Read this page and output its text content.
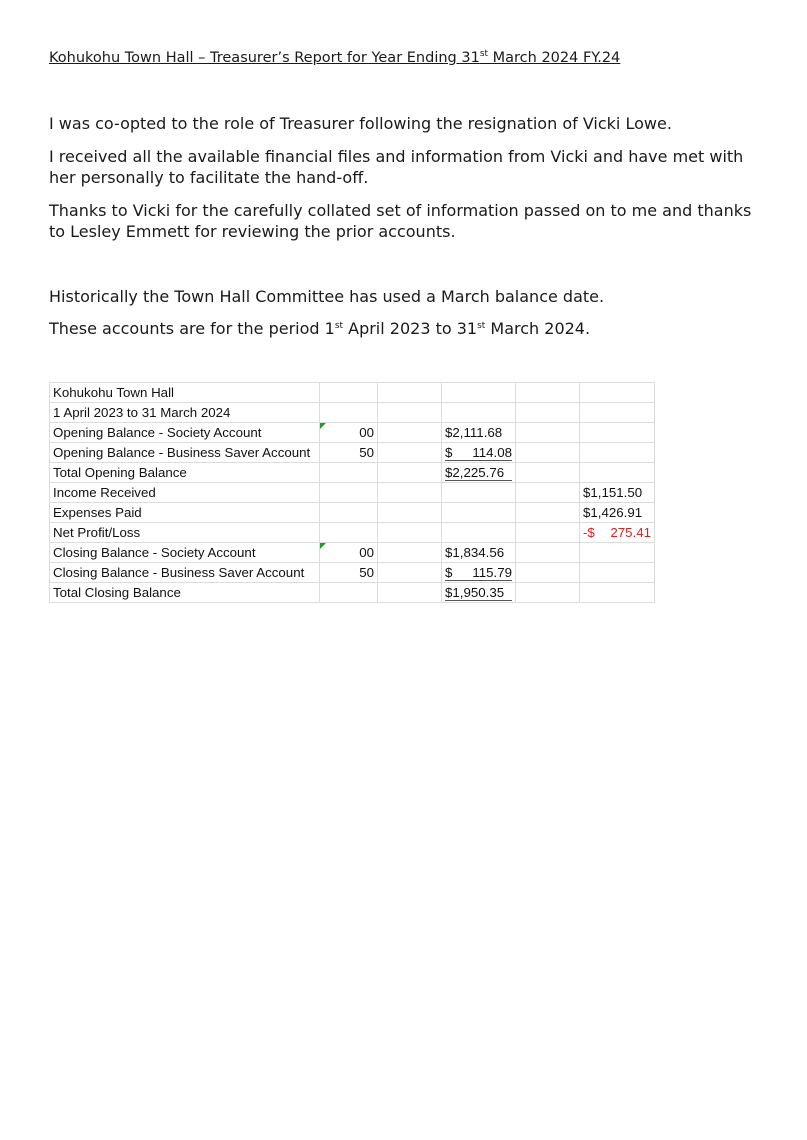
Kohukohu Town Hall – Treasurer’s Report for Year Ending 31st March 2024 FY.24

I was co-opted to the role of Treasurer following the resignation of Vicki Lowe.

I received all the available financial files and information from Vicki and have met with her personally to facilitate the hand-off.

Thanks to Vicki for the carefully collated set of information passed on to me and thanks to Lesley Emmett for reviewing the prior accounts.

Historically the Town Hall Committee has used a March balance date.

These accounts are for the period 1st April 2023 to 31st March 2024.

Kohukohu Town Hall					
1 April 2023 to 31 March 2024					
Opening Balance - Society Account	00		$ 2,111.68		

Opening Balance - Business Saver Account	50		$ 114.08		

Total Opening Balance			$ 2,225.76		

Income Received					$ 1,151.50

Expenses Paid					$ 1,426.91

Net Profit/Loss					-$ 275.41

Closing Balance - Society Account	00		$ 1,834.56		

Closing Balance - Business Saver Account	50		$ 115.79		

Total Closing Balance			$ 1,950.35		
